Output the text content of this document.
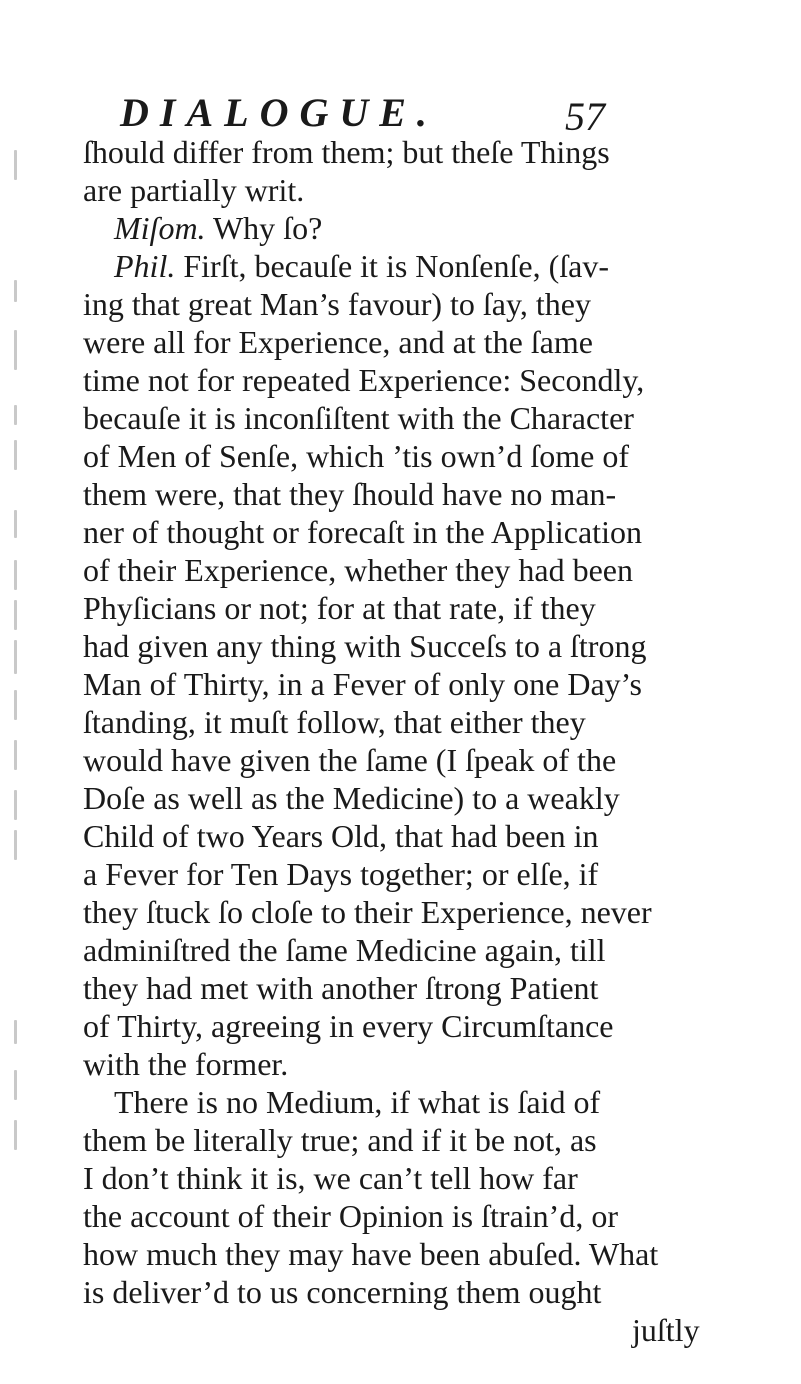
DIALOGUE.	57
ſhould differ from them; but theſe Things
are partially writ.
Miſom. Why ſo?
Phil. Firſt, becauſe it is Nonſenſe, (ſav-
ing that great Man’s favour) to ſay, they
were all for Experience, and at the ſame
time not for repeated Experience: Secondly,
becauſe it is inconſiſtent with the Character
of Men of Senſe, which ’tis own’d ſome of
them were, that they ſhould have no man-
ner of thought or forecaſt in the Application
of their Experience, whether they had been
Phyſicians or not; for at that rate, if they
had given any thing with Succeſs to a ſtrong
Man of Thirty, in a Fever of only one Day’s
ſtanding, it muſt follow, that either they
would have given the ſame (I ſpeak of the
Doſe as well as the Medicine) to a weakly
Child of two Years Old, that had been in
a Fever for Ten Days together; or elſe, if
they ſtuck ſo cloſe to their Experience, never
adminiſtred the ſame Medicine again, till
they had met with another ſtrong Patient
of Thirty, agreeing in every Circumſtance
with the former.
There is no Medium, if what is ſaid of
them be literally true; and if it be not, as
I don’t think it is, we can’t tell how far
the account of their Opinion is ſtrain’d, or
how much they may have been abuſed. What
is deliver’d to us concerning them ought
juſtly
